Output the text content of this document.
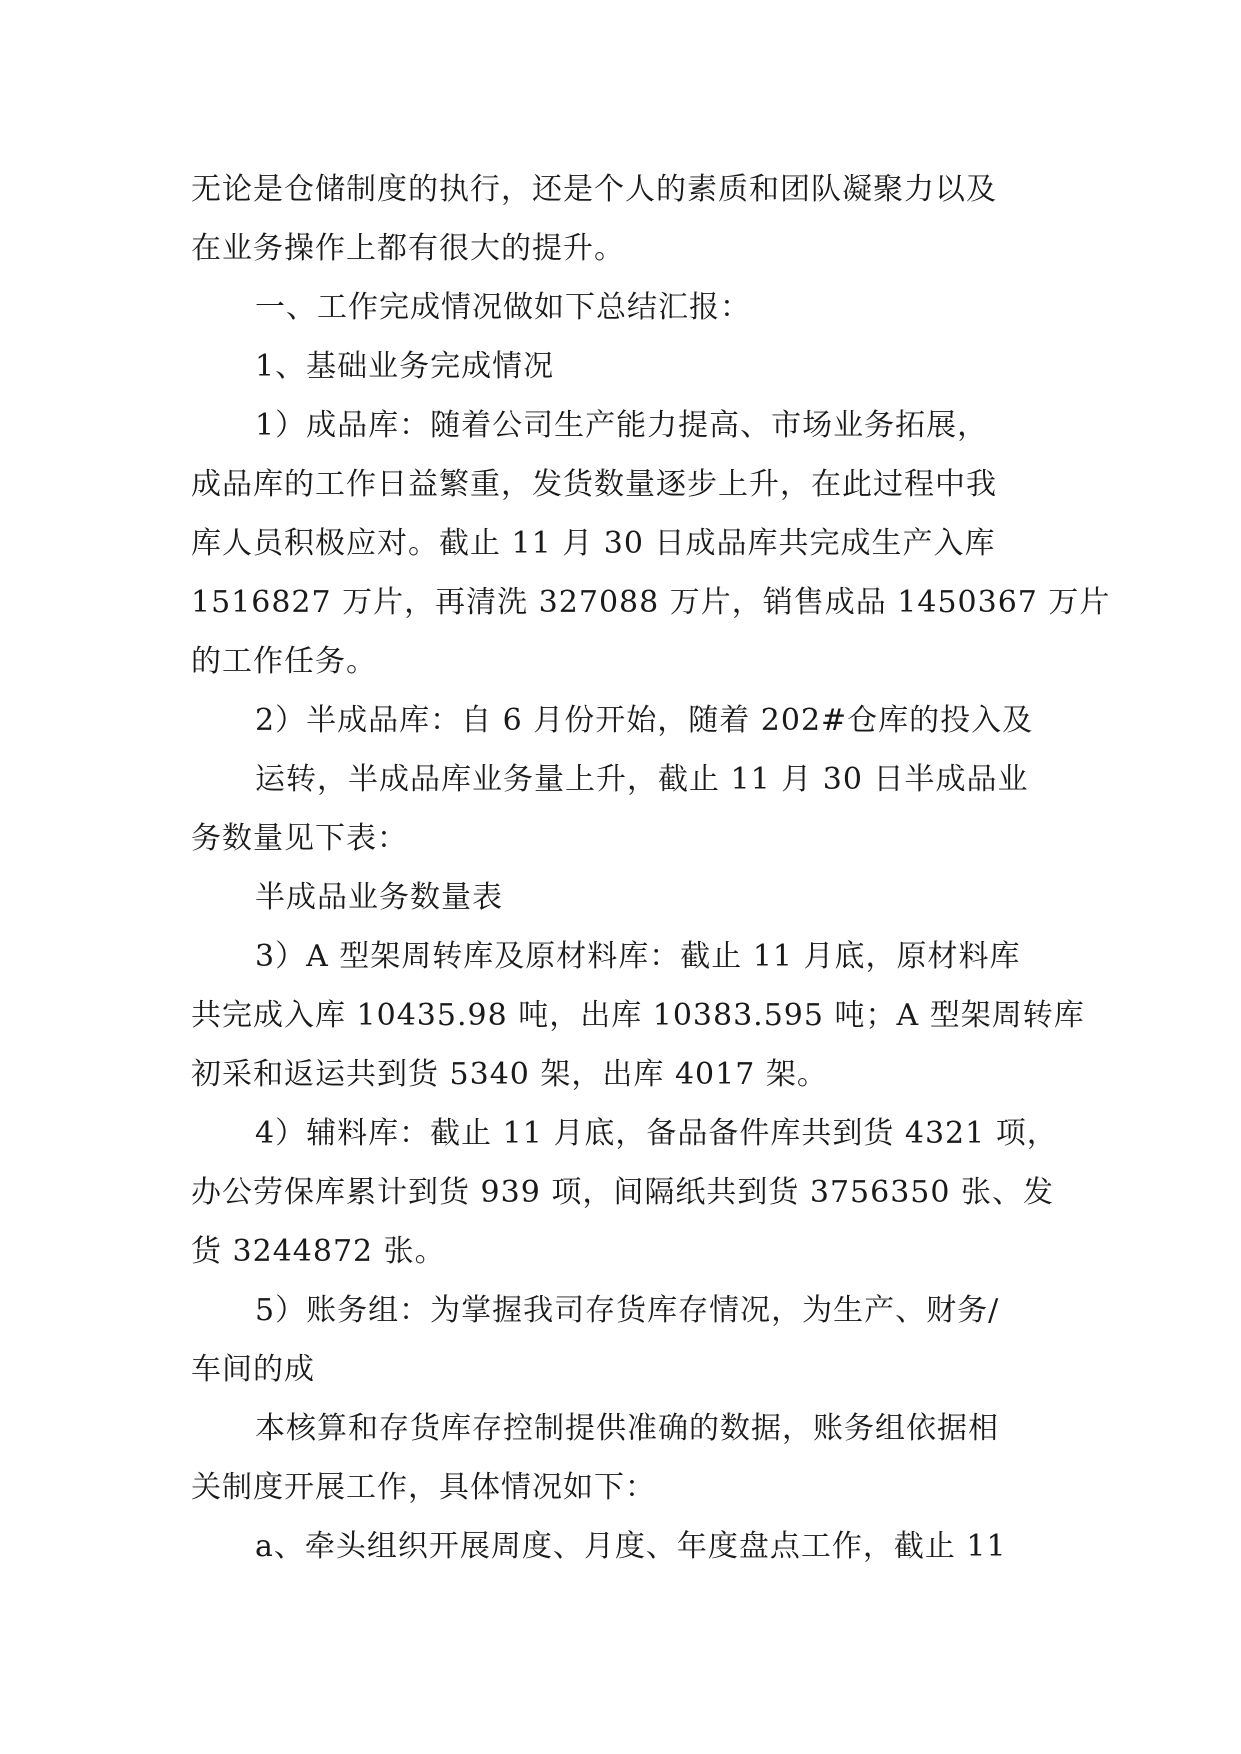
无论是仓储制度的执行，还是个人的素质和团队凝聚力以及
在业务操作上都有很大的提升。
一、工作完成情况做如下总结汇报：
1、基础业务完成情况
1）成品库：随着公司生产能力提高、市场业务拓展，
成品库的工作日益繁重，发货数量逐步上升，在此过程中我
库人员积极应对。截止 11 月 30 日成品库共完成生产入库
1516827 万片，再清洗 327088 万片，销售成品 1450367 万片
的工作任务。
2）半成品库：自 6 月份开始，随着 202#仓库的投入及
运转，半成品库业务量上升，截止 11 月 30 日半成品业
务数量见下表：
半成品业务数量表
3）A 型架周转库及原材料库：截止 11 月底，原材料库
共完成入库 10435.98 吨，出库 10383.595 吨；A 型架周转库
初采和返运共到货 5340 架，出库 4017 架。
4）辅料库：截止 11 月底，备品备件库共到货 4321 项，
办公劳保库累计到货 939 项，间隔纸共到货 3756350 张、发
货 3244872 张。
5）账务组：为掌握我司存货库存情况，为生产、财务/
车间的成
本核算和存货库存控制提供准确的数据，账务组依据相
关制度开展工作，具体情况如下：
a、牵头组织开展周度、月度、年度盘点工作，截止 11
